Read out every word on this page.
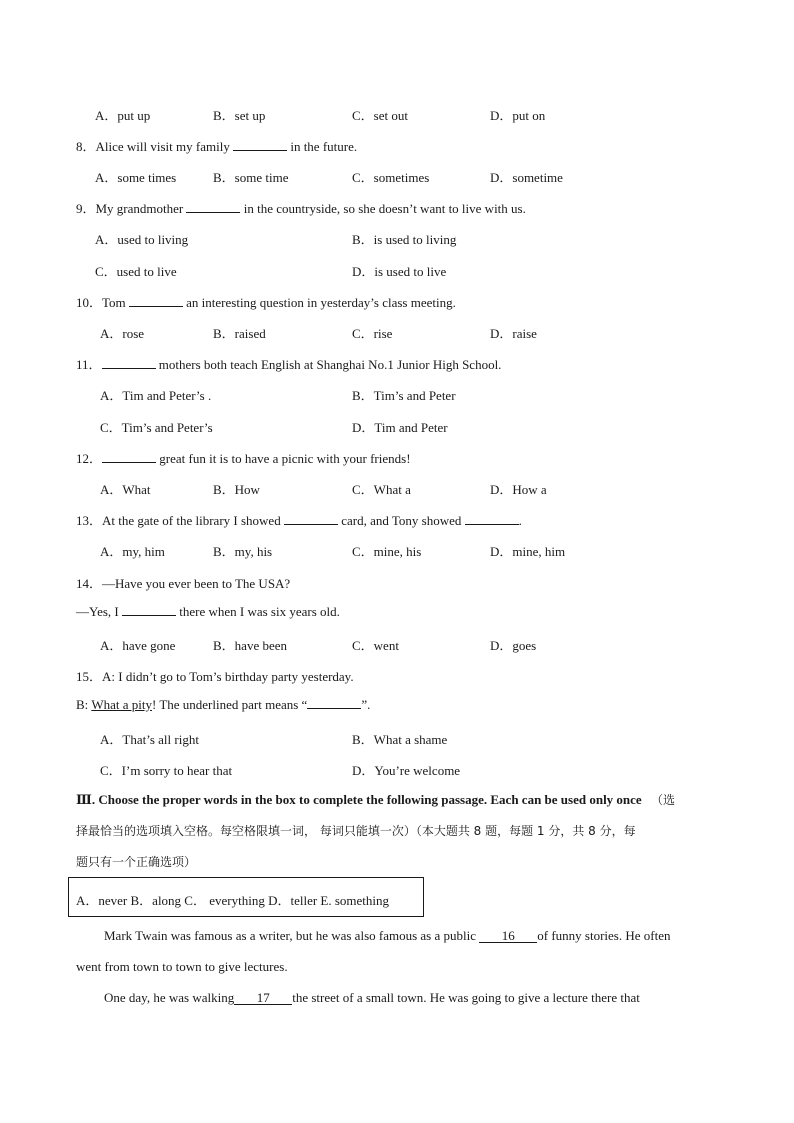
A．put up	B．set up	C．set out	D．put on
8．Alice will visit my family	in the future.
A．some times	B．some time	C．sometimes	D．sometime
9．My grandmother	in the countryside, so she doesn’t want to live with us.
A．used to living	B．is used to living
C．used to live	D．is used to live
10．Tom	an interesting question in yesterday’s class meeting.
A．rose	B．raised	C．rise	D．raise
11．	mothers both teach English at Shanghai No.1 Junior High School.
A．Tim and Peter’s .	B．Tim’s and Peter
C．Tim’s and Peter’s	D．Tim and Peter
12．	great fun it is to have a picnic with your friends!
A．What	B．How	C．What a	D．How a
13．At the gate of the library I showed	card, and Tony showed	.
A．my, him	B．my, his	C．mine, his	D．mine, him
14．—Have you ever been to The USA?
—Yes, I	there when I was six years old.
A．have gone	B．have been	C．went	D．goes
15．A: I didn’t go to Tom’s birthday party yesterday.
B: What a pity! The underlined part means “	”.
A．That’s all right	B．What a shame
C．I’m sorry to hear that	D．You’re welcome
Ⅲ. Choose the proper words in the box to complete the following passage. Each can be used only once （选
择最恰当的选项填入空格。每空格限填一词， 每词只能填一次）（本大题共 8 题，每题 1 分，共 8 分，每
题只有一个正确选项）
A．never B．along C． everything D．teller E. something
Mark Twain was famous as a writer, but he was also famous as a public 16 of funny stories. He often
went from town to town to give lectures.
One day, he was walking 17 the street of a small town. He was going to give a lecture there that
